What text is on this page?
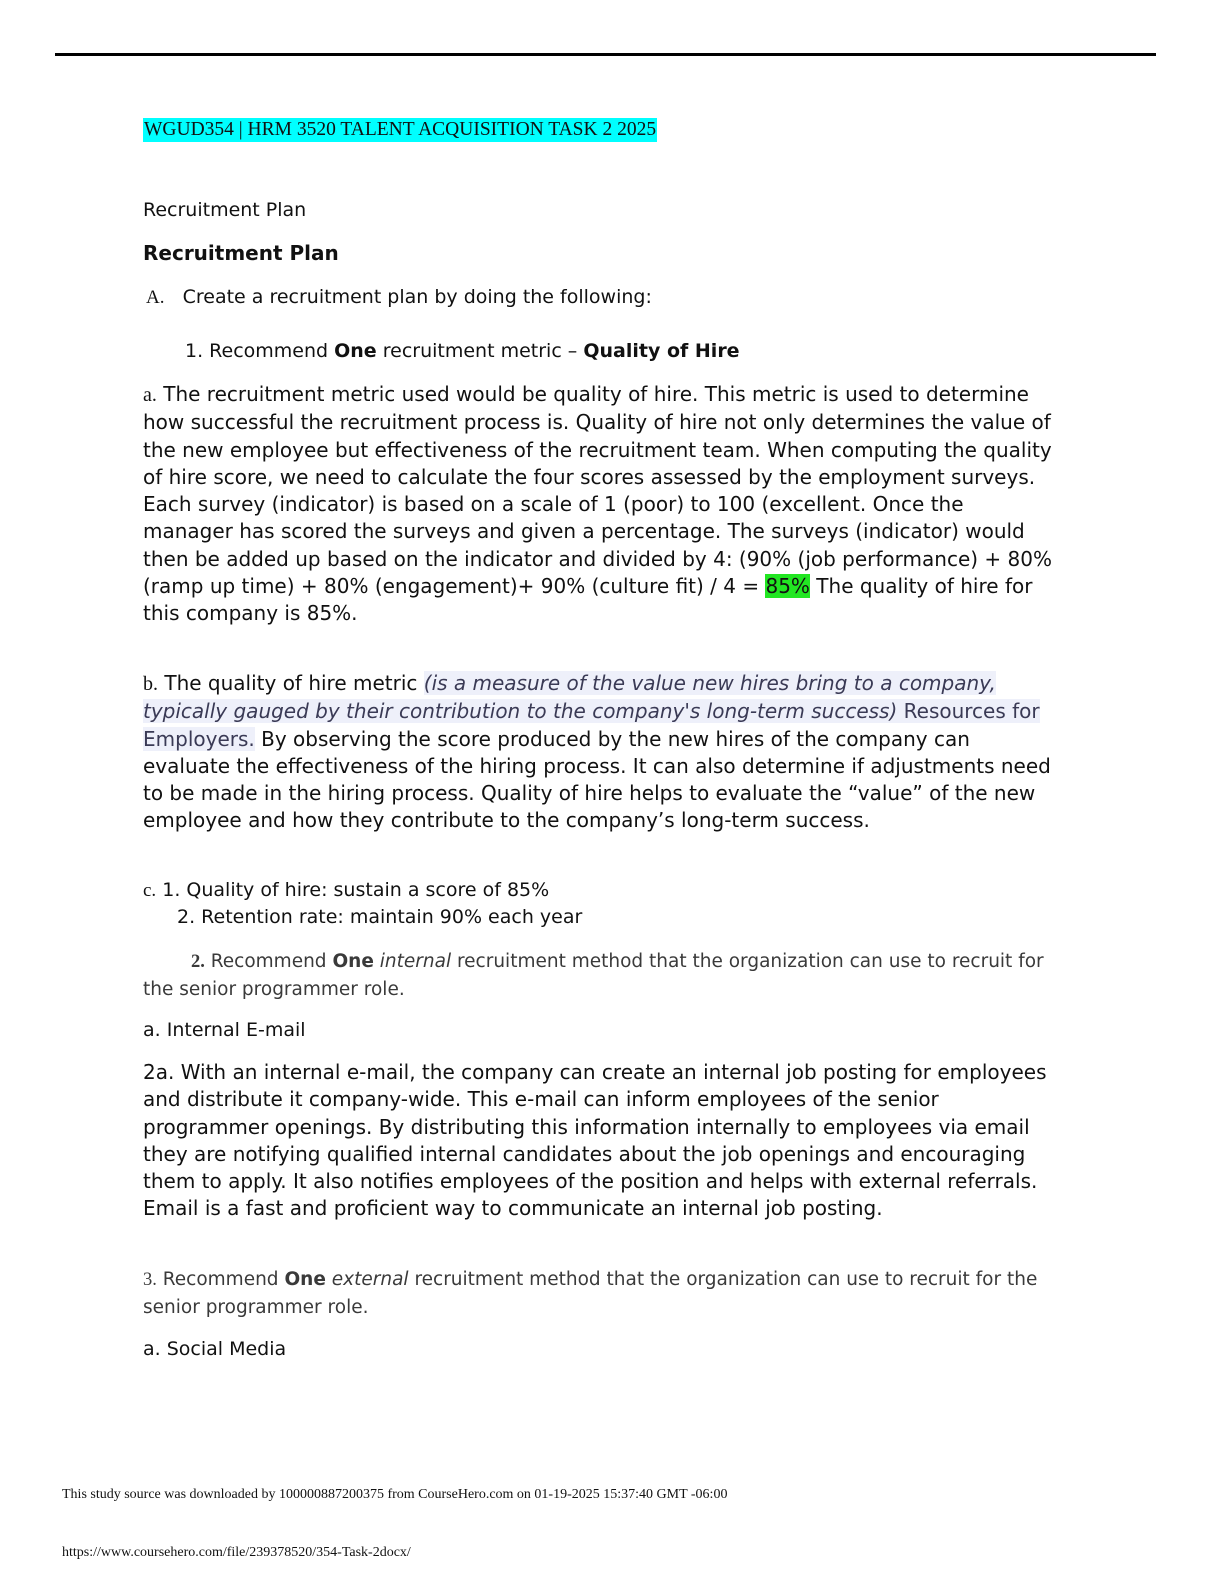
WGUD354 | HRM 3520 TALENT ACQUISITION TASK 2 2025
Recruitment Plan
Recruitment Plan
A. Create a recruitment plan by doing the following:
1. Recommend One recruitment metric – Quality of Hire
a. The recruitment metric used would be quality of hire. This metric is used to determine how successful the recruitment process is. Quality of hire not only determines the value of the new employee but effectiveness of the recruitment team. When computing the quality of hire score, we need to calculate the four scores assessed by the employment surveys. Each survey (indicator) is based on a scale of 1 (poor) to 100 (excellent. Once the manager has scored the surveys and given a percentage. The surveys (indicator) would then be added up based on the indicator and divided by 4: (90% (job performance) + 80% (ramp up time) + 80% (engagement)+ 90% (culture fit) / 4 = 85% The quality of hire for this company is 85%.
b. The quality of hire metric (is a measure of the value new hires bring to a company, typically gauged by their contribution to the company's long-term success) Resources for Employers. By observing the score produced by the new hires of the company can evaluate the effectiveness of the hiring process. It can also determine if adjustments need to be made in the hiring process. Quality of hire helps to evaluate the “value” of the new employee and how they contribute to the company’s long-term success.
c. 1. Quality of hire: sustain a score of 85%
2. Retention rate: maintain 90% each year
2. Recommend One internal recruitment method that the organization can use to recruit for the senior programmer role.
a. Internal E-mail
2a. With an internal e-mail, the company can create an internal job posting for employees and distribute it company-wide. This e-mail can inform employees of the senior programmer openings. By distributing this information internally to employees via email they are notifying qualified internal candidates about the job openings and encouraging them to apply. It also notifies employees of the position and helps with external referrals. Email is a fast and proficient way to communicate an internal job posting.
3. Recommend One external recruitment method that the organization can use to recruit for the senior programmer role.
a. Social Media
This study source was downloaded by 100000887200375 from CourseHero.com on 01-19-2025 15:37:40 GMT -06:00
https://www.coursehero.com/file/239378520/354-Task-2docx/
